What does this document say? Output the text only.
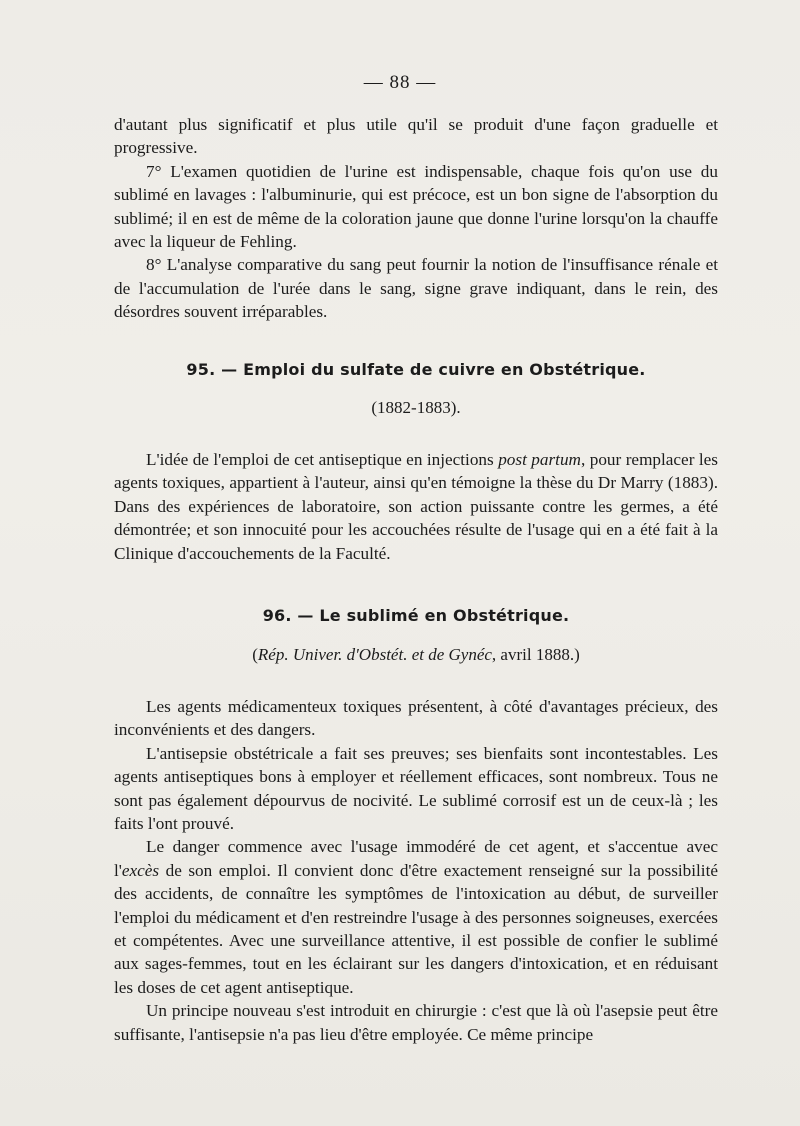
— 88 —

d'autant plus significatif et plus utile qu'il se produit d'une façon graduelle et progressive.

7° L'examen quotidien de l'urine est indispensable, chaque fois qu'on use du sublimé en lavages : l'albuminurie, qui est précoce, est un bon signe de l'absorption du sublimé; il en est de même de la coloration jaune que donne l'urine lorsqu'on la chauffe avec la liqueur de Fehling.

8° L'analyse comparative du sang peut fournir la notion de l'insuffisance rénale et de l'accumulation de l'urée dans le sang, signe grave indiquant, dans le rein, des désordres souvent irréparables.

95. — Emploi du sulfate de cuivre en Obstétrique.
(1882-1883).

L'idée de l'emploi de cet antiseptique en injections post partum, pour remplacer les agents toxiques, appartient à l'auteur, ainsi qu'en témoigne la thèse du Dr Marry (1883). Dans des expériences de laboratoire, son action puissante contre les germes, a été démontrée; et son innocuité pour les accouchées résulte de l'usage qui en a été fait à la Clinique d'accouchements de la Faculté.

96. — Le sublimé en Obstétrique.
(Rép. Univer. d'Obstét. et de Gynéc, avril 1888.)

Les agents médicamenteux toxiques présentent, à côté d'avantages précieux, des inconvénients et des dangers.

L'antisepsie obstétricale a fait ses preuves; ses bienfaits sont incontestables. Les agents antiseptiques bons à employer et réellement efficaces, sont nombreux. Tous ne sont pas également dépourvus de nocivité. Le sublimé corrosif est un de ceux-là ; les faits l'ont prouvé.

Le danger commence avec l'usage immodéré de cet agent, et s'accentue avec l'excès de son emploi. Il convient donc d'être exactement renseigné sur la possibilité des accidents, de connaître les symptômes de l'intoxication au début, de surveiller l'emploi du médicament et d'en restreindre l'usage à des personnes soigneuses, exercées et compétentes. Avec une surveillance attentive, il est possible de confier le sublimé aux sages-femmes, tout en les éclairant sur les dangers d'intoxication, et en réduisant les doses de cet agent antiseptique.

Un principe nouveau s'est introduit en chirurgie : c'est que là où l'asepsie peut être suffisante, l'antisepsie n'a pas lieu d'être employée. Ce même principe
